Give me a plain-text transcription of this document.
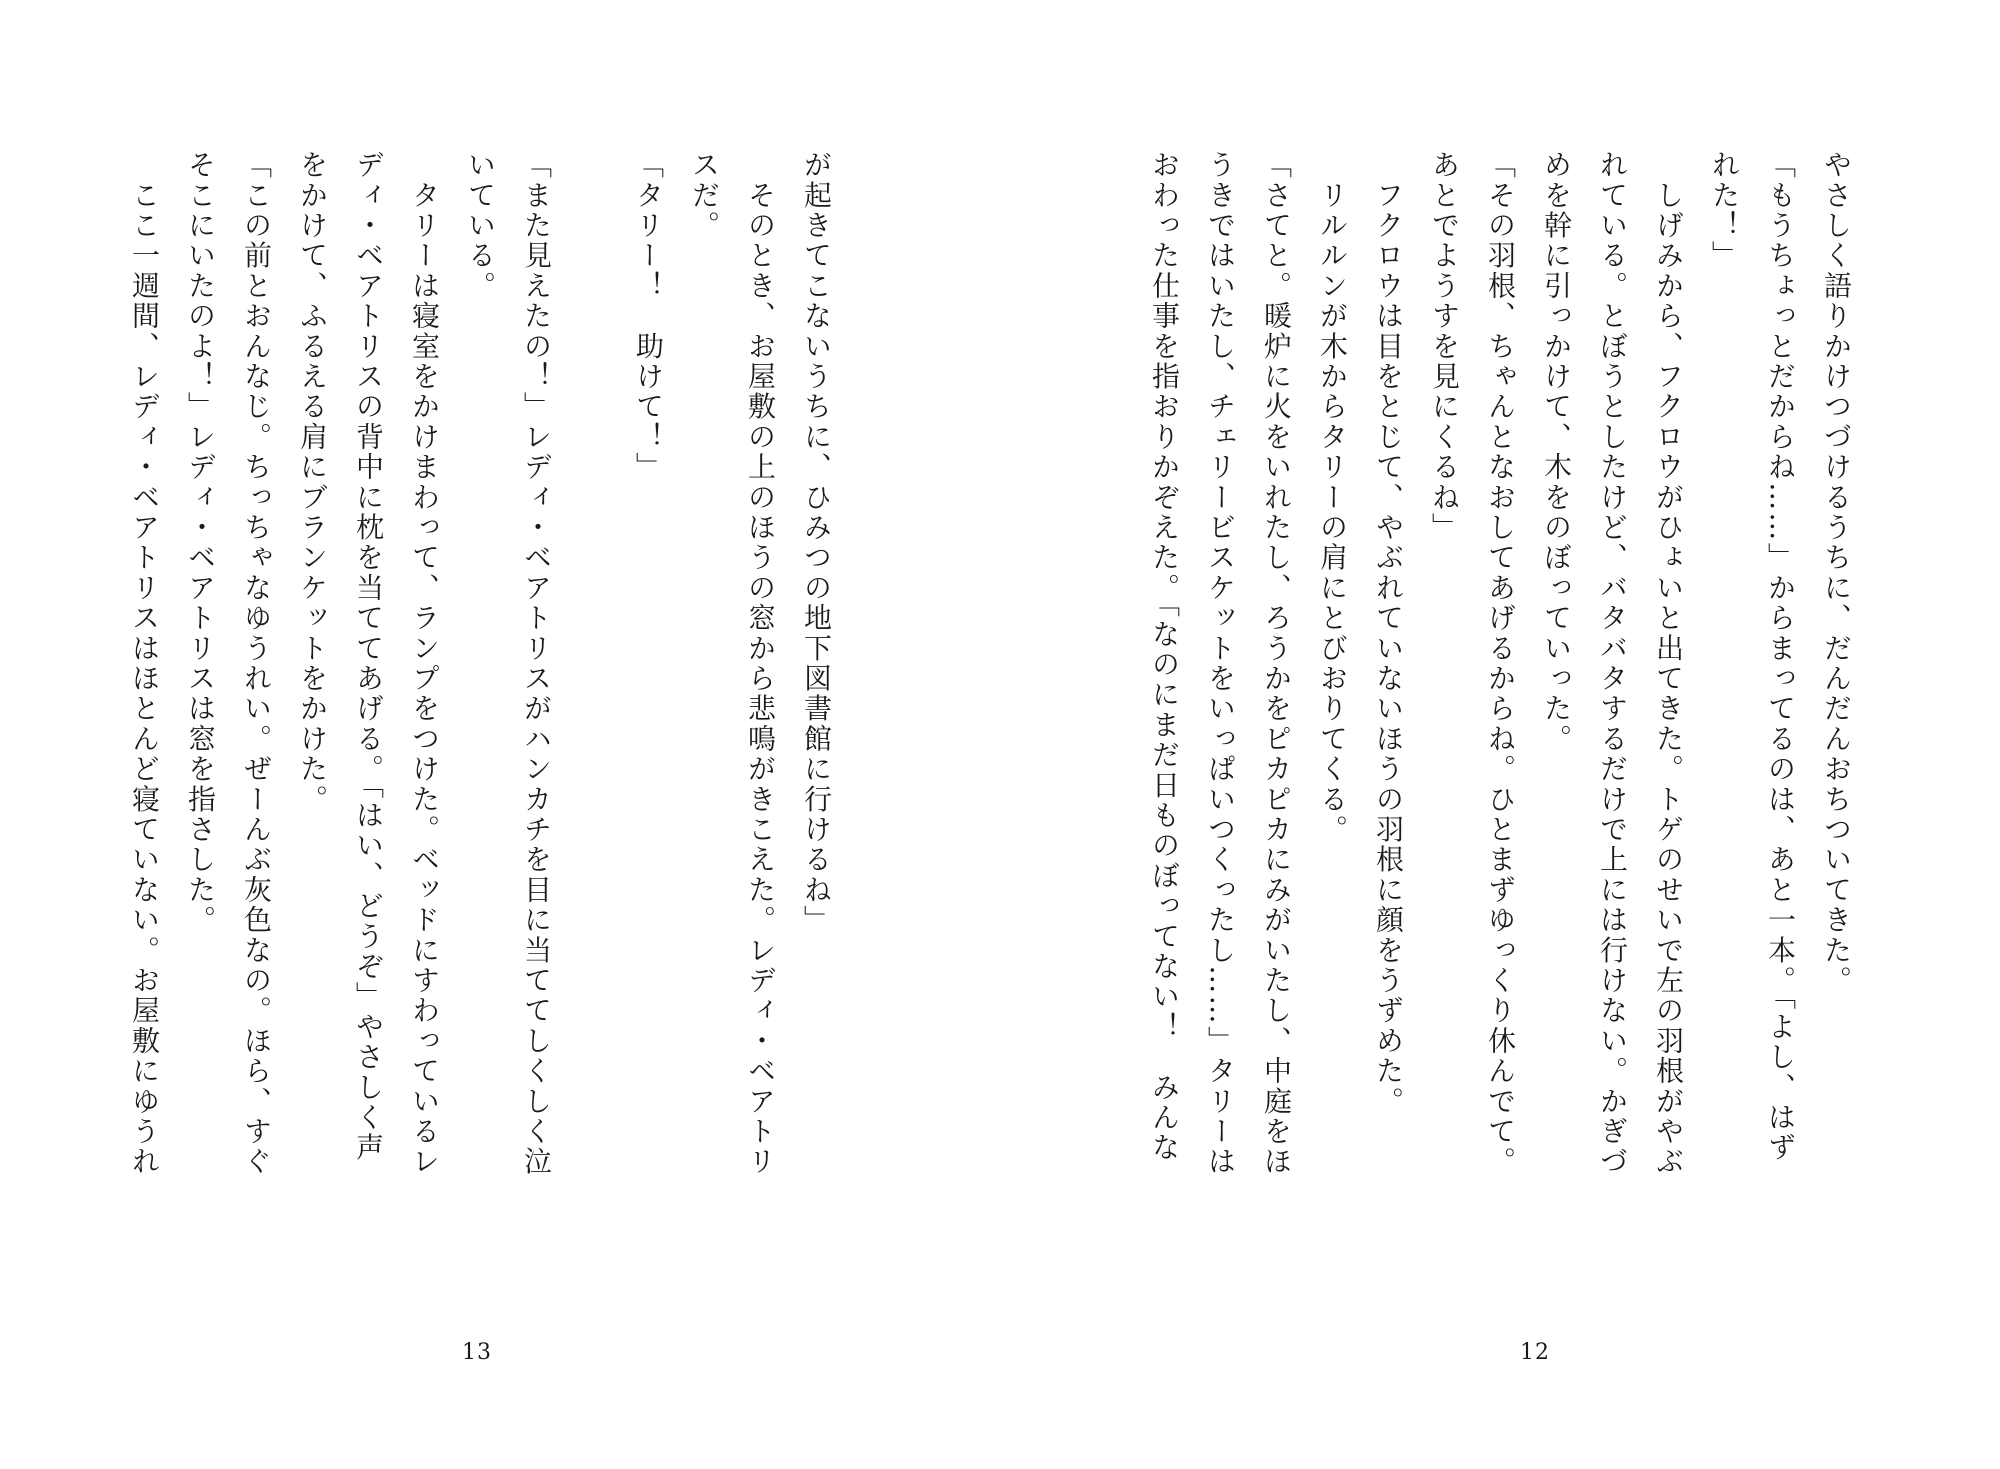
やさしく語りかけつづけるうちに、だんだんおちついてきた。

「もうちょっとだからね……」からまってるのは、あと一本。「よし、はず

れた！」

　しげみから、フクロウがひょいと出てきた。トゲのせいで左の羽根がやぶ

れている。とぼうとしたけど、バタバタするだけで上には行けない。かぎづ

めを幹に引っかけて、木をのぼっていった。

「その羽根、ちゃんとなおしてあげるからね。ひとまずゆっくり休んでて。

あとでようすを見にくるね」

　フクロウは目をとじて、やぶれていないほうの羽根に顔をうずめた。

　リルルンが木からタリーの肩にとびおりてくる。

「さてと。暖炉に火をいれたし、ろうかをピカピカにみがいたし、中庭をほ

うきではいたし、チェリービスケットをいっぱいつくったし……」タリーは

おわった仕事を指おりかぞえた。「なのにまだ日ものぼってない！　みんな

が起きてこないうちに、ひみつの地下図書館に行けるね」

　そのとき、お屋敷の上のほうの窓から悲鳴がきこえた。レディ・ベアトリ

スだ。

「タリー！　助けて！」

「また見えたの！」レディ・ベアトリスがハンカチを目に当ててしくしく泣

いている。

　タリーは寝室をかけまわって、ランプをつけた。ベッドにすわっているレ

ディ・ベアトリスの背中に枕を当ててあげる。「はい、どうぞ」やさしく声

をかけて、ふるえる肩にブランケットをかけた。

「この前とおんなじ。ちっちゃなゆうれい。ぜーんぶ灰色なの。ほら、すぐ

そこにいたのよ！」レディ・ベアトリスは窓を指さした。

　ここ一週間、レディ・ベアトリスはほとんど寝ていない。お屋敷にゆうれ

12
13
